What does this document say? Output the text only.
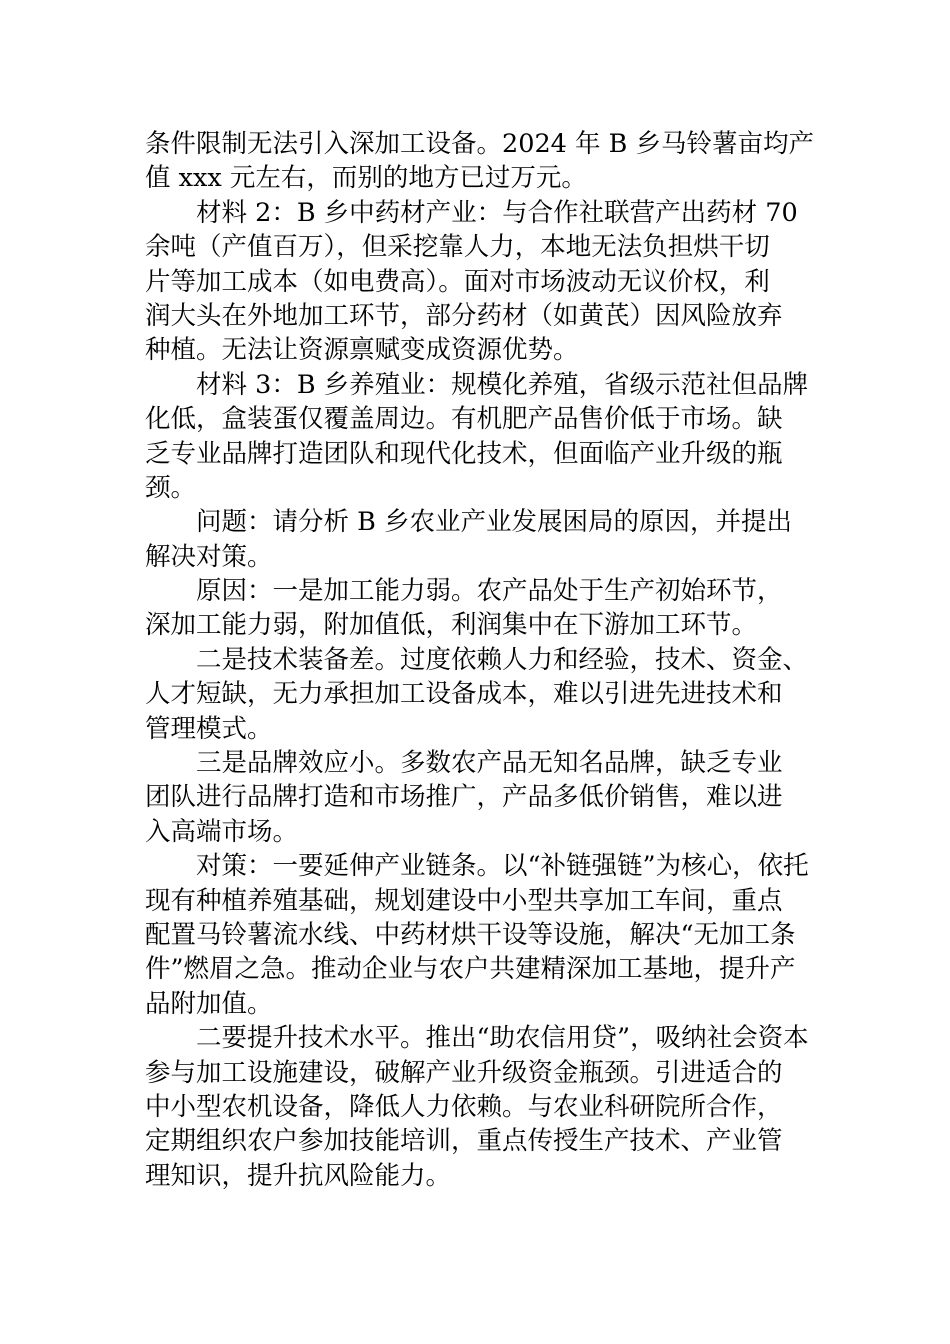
条件限制无法引入深加工设备。2024 年 B 乡马铃薯亩均产
值 xxx 元左右，而别的地方已过万元。
材料 2：B 乡中药材产业：与合作社联营产出药材 70
余吨（产值百万），但采挖靠人力，本地无法负担烘干切
片等加工成本（如电费高）。面对市场波动无议价权，利
润大头在外地加工环节，部分药材（如黄芪）因风险放弃
种植。无法让资源禀赋变成资源优势。
材料 3：B 乡养殖业：规模化养殖，省级示范社但品牌
化低，盒装蛋仅覆盖周边。有机肥产品售价低于市场。缺
乏专业品牌打造团队和现代化技术，但面临产业升级的瓶
颈。
问题：请分析 B 乡农业产业发展困局的原因，并提出
解决对策。
原因：一是加工能力弱。农产品处于生产初始环节，
深加工能力弱，附加值低，利润集中在下游加工环节。
二是技术装备差。过度依赖人力和经验，技术、资金、
人才短缺，无力承担加工设备成本，难以引进先进技术和
管理模式。
三是品牌效应小。多数农产品无知名品牌，缺乏专业
团队进行品牌打造和市场推广，产品多低价销售，难以进
入高端市场。
对策：一要延伸产业链条。以“补链强链”为核心，依托
现有种植养殖基础，规划建设中小型共享加工车间，重点
配置马铃薯流水线、中药材烘干设等设施，解决“无加工条
件”燃眉之急。推动企业与农户共建精深加工基地，提升产
品附加值。
二要提升技术水平。推出“助农信用贷”，吸纳社会资本
参与加工设施建设，破解产业升级资金瓶颈。引进适合的
中小型农机设备，降低人力依赖。与农业科研院所合作，
定期组织农户参加技能培训，重点传授生产技术、产业管
理知识，提升抗风险能力。
